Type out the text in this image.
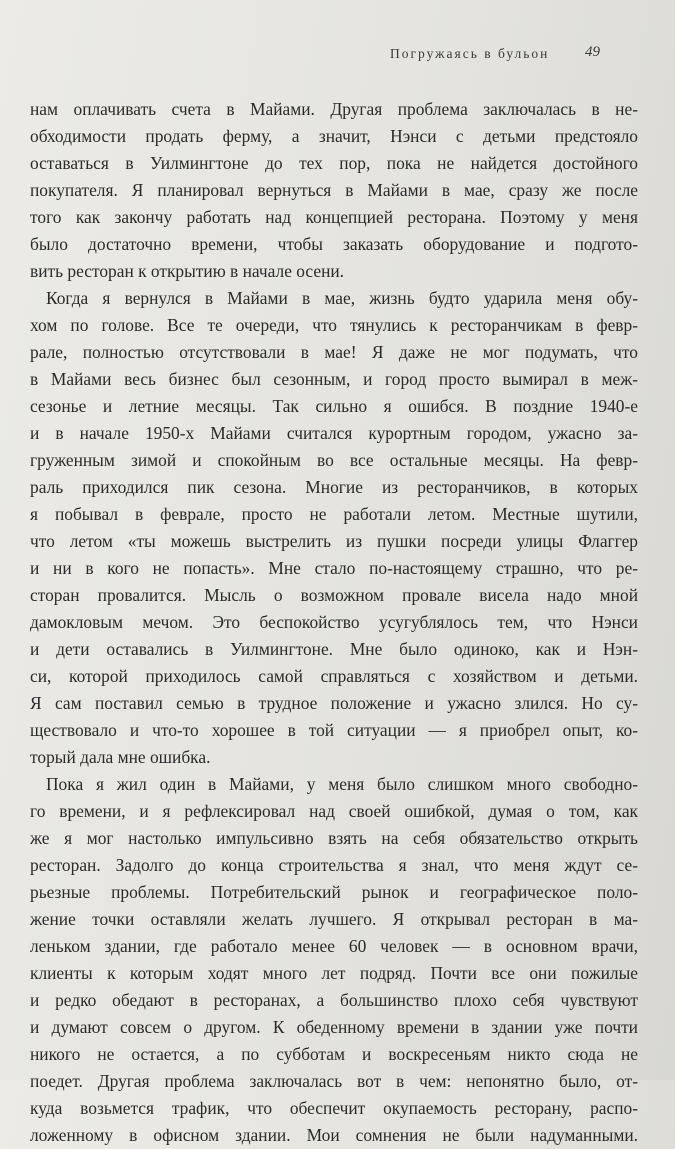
Погружаясь в бульон 49
нам оплачивать счета в Майами. Другая проблема заключалась в не-
обходимости продать ферму, а значит, Нэнси с детьми предстояло
оставаться в Уилмингтоне до тех пор, пока не найдется достойного
покупателя. Я планировал вернуться в Майами в мае, сразу же после
того как закончу работать над концепцией ресторана. Поэтому у меня
было достаточно времени, чтобы заказать оборудование и подгото-
вить ресторан к открытию в начале осени.
Когда я вернулся в Майами в мае, жизнь будто ударила меня обу-
хом по голове. Все те очереди, что тянулись к ресторанчикам в февр-
рале, полностью отсутствовали в мае! Я даже не мог подумать, что
в Майами весь бизнес был сезонным, и город просто вымирал в меж-
сезонье и летние месяцы. Так сильно я ошибся. В поздние 1940-е
и в начале 1950-х Майами считался курортным городом, ужасно за-
груженным зимой и спокойным во все остальные месяцы. На февр-
раль приходился пик сезона. Многие из ресторанчиков, в которых
я побывал в феврале, просто не работали летом. Местные шутили,
что летом «ты можешь выстрелить из пушки посреди улицы Флаггер
и ни в кого не попасть». Мне стало по-настоящему страшно, что ре-
сторан провалится. Мысль о возможном провале висела надо мной
дамокловым мечом. Это беспокойство усугублялось тем, что Нэнси
и дети оставались в Уилмингтоне. Мне было одиноко, как и Нэн-
си, которой приходилось самой справляться с хозяйством и детьми.
Я сам поставил семью в трудное положение и ужасно злился. Но су-
ществовало и что-то хорошее в той ситуации — я приобрел опыт, ко-
торый дала мне ошибка.
Пока я жил один в Майами, у меня было слишком много свободно-
го времени, и я рефлексировал над своей ошибкой, думая о том, как
же я мог настолько импульсивно взять на себя обязательство открыть
ресторан. Задолго до конца строительства я знал, что меня ждут се-
рьезные проблемы. Потребительский рынок и географическое поло-
жение точки оставляли желать лучшего. Я открывал ресторан в ма-
леньком здании, где работало менее 60 человек — в основном врачи,
клиенты к которым ходят много лет подряд. Почти все они пожилые
и редко обедают в ресторанах, а большинство плохо себя чувствуют
и думают совсем о другом. К обеденному времени в здании уже почти
никого не остается, а по субботам и воскресеньям никто сюда не
поедет. Другая проблема заключалась вот в чем: непонятно было, от-
куда возьмется трафик, что обеспечит окупаемость ресторану, распо-
ложенному в офисном здании. Мои сомнения не были надуманными.
